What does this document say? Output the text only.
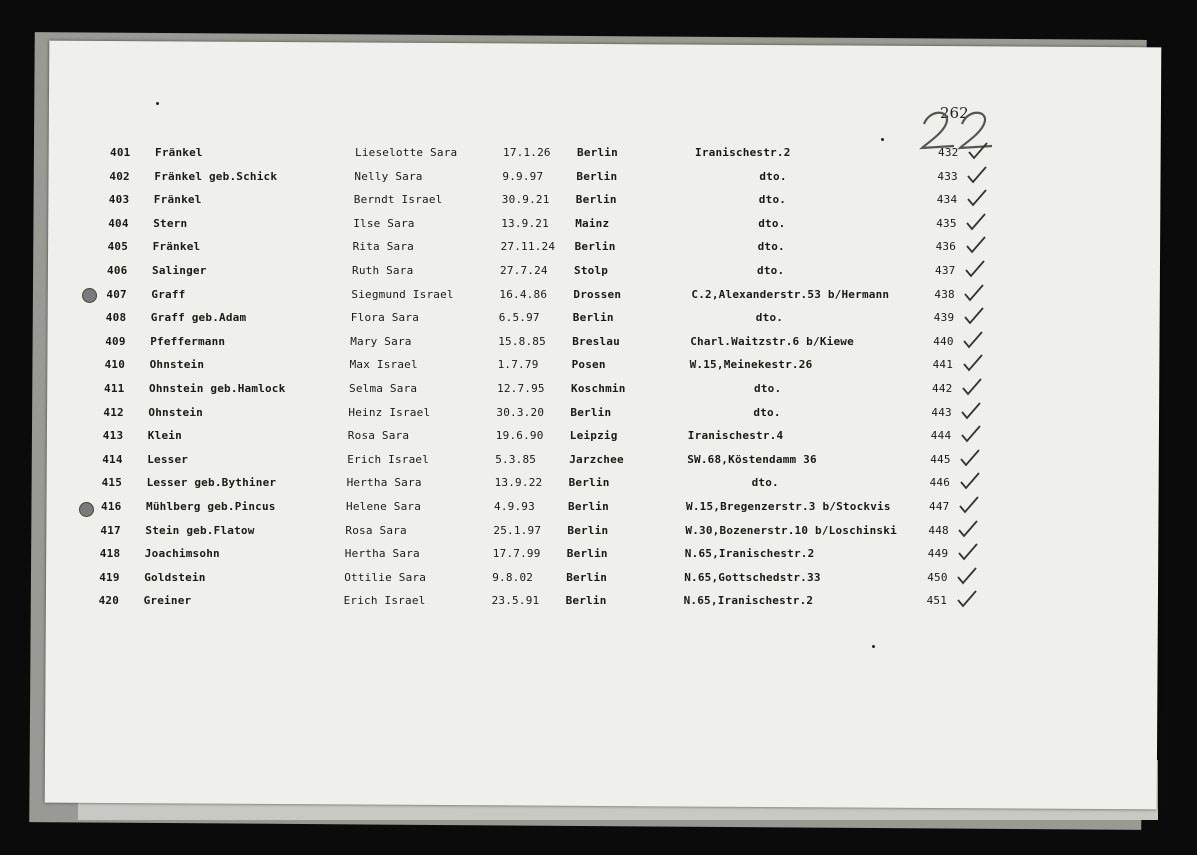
262
401 Fränkel	Lieselotte Sara	17.1.26 Berlin	Iranischestr.2	432
402 Fränkel geb.Schick	Nelly Sara	9.9.97	Berlin	dto.	433
403 Fränkel	Berndt Israel	30.9.21 Berlin	dto.	434
404 Stern	Ilse Sara	13.9.21 Mainz	dto.	435
405 Fränkel	Rita Sara	27.11.24 Berlin	dto.	436
406 Salinger	Ruth Sara	27.7.24 Stolp	dto.	437
407 Graff	Siegmund Israel	16.4.86 Drossen	C.2,Alexanderstr.53 b/Hermann	438
408 Graff geb.Adam	Flora Sara	6.5.97	Berlin	dto.	439
409 Pfeffermann	Mary Sara	15.8.85 Breslau	Charl.Waitzstr.6 b/Kiewe	440
410 Ohnstein	Max Israel	1.7.79	Posen	W.15,Meinekestr.26	441
411 Ohnstein geb.Hamlock	Selma Sara	12.7.95 Koschmin	dto.	442
412 Ohnstein	Heinz Israel	30.3.20 Berlin	dto.	443
413 Klein	Rosa Sara	19.6.90 Leipzig	Iranischestr.4	444
414 Lesser	Erich Israel	5.3.85	Jarzchee	SW.68,Köstendamm 36	445
415 Lesser geb.Bythiner	Hertha Sara	13.9.22 Berlin	dto.	446
416 Mühlberg geb.Pincus	Helene Sara	4.9.93	Berlin	W.15,Bregenzerstr.3 b/Stockvis	447
417 Stein geb.Flatow	Rosa Sara	25.1.97 Berlin	W.30,Bozenerstr.10 b/Loschinski	448
418 Joachimsohn	Hertha Sara	17.7.99 Berlin	N.65,Iranischestr.2	449
419 Goldstein	Ottilie Sara	9.8.02	Berlin	N.65,Gottschedstr.33	450
420 Greiner	Erich Israel	23.5.91 Berlin	N.65,Iranischestr.2	451
